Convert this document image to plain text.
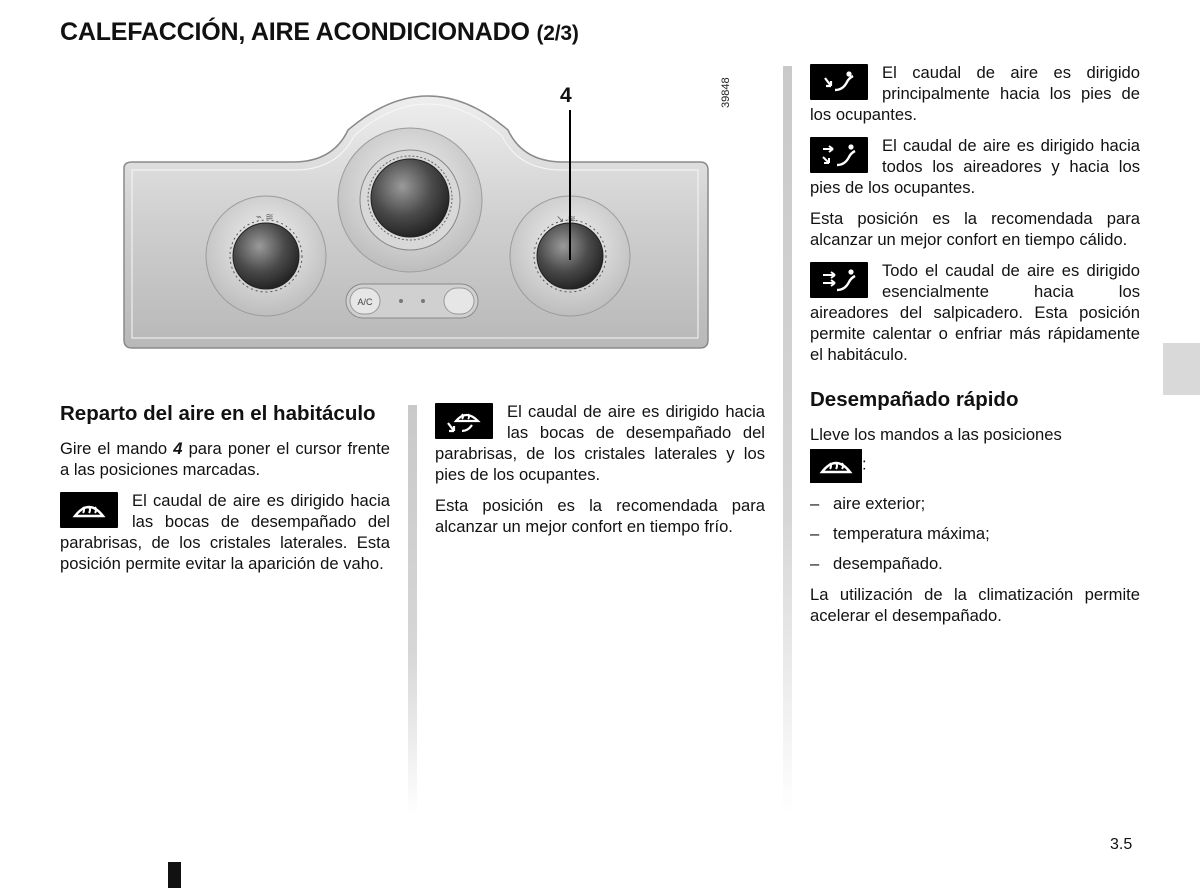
CALEFACCIÓN, AIRE ACONDICIONADO (2/3)
A/C
⌁ ≋	↘ ≋
4	39848
Reparto del aire en el habitáculo

Gire el mando 4 para poner el cursor frente a las posiciones marcadas.

El caudal de aire es dirigido hacia las bocas de desempañado del parabrisas, de los cristales laterales. Esta posición permite evitar la aparición de vaho.

El caudal de aire es dirigido hacia las bocas de desempañado del parabrisas, de los cristales laterales y los pies de los ocupantes.

Esta posición es la recomendada para alcanzar un mejor confort en tiempo frío.

El caudal de aire es dirigido principalmente hacia los pies de los ocupantes.

El caudal de aire es dirigido hacia todos los aireadores y hacia los pies de los ocupantes.

Esta posición es la recomendada para alcanzar un mejor confort en tiempo cálido.

Todo el caudal de aire es dirigido esencialmente hacia los aireadores del salpicadero. Esta posición permite calentar o enfriar más rápidamente el habitáculo.

Desempañado rápido

Lleve los mandos a las posiciones

:

– aire exterior;
– temperatura máxima;
– desempañado.

La utilización de la climatización permite acelerar el desempañado.

3.5
